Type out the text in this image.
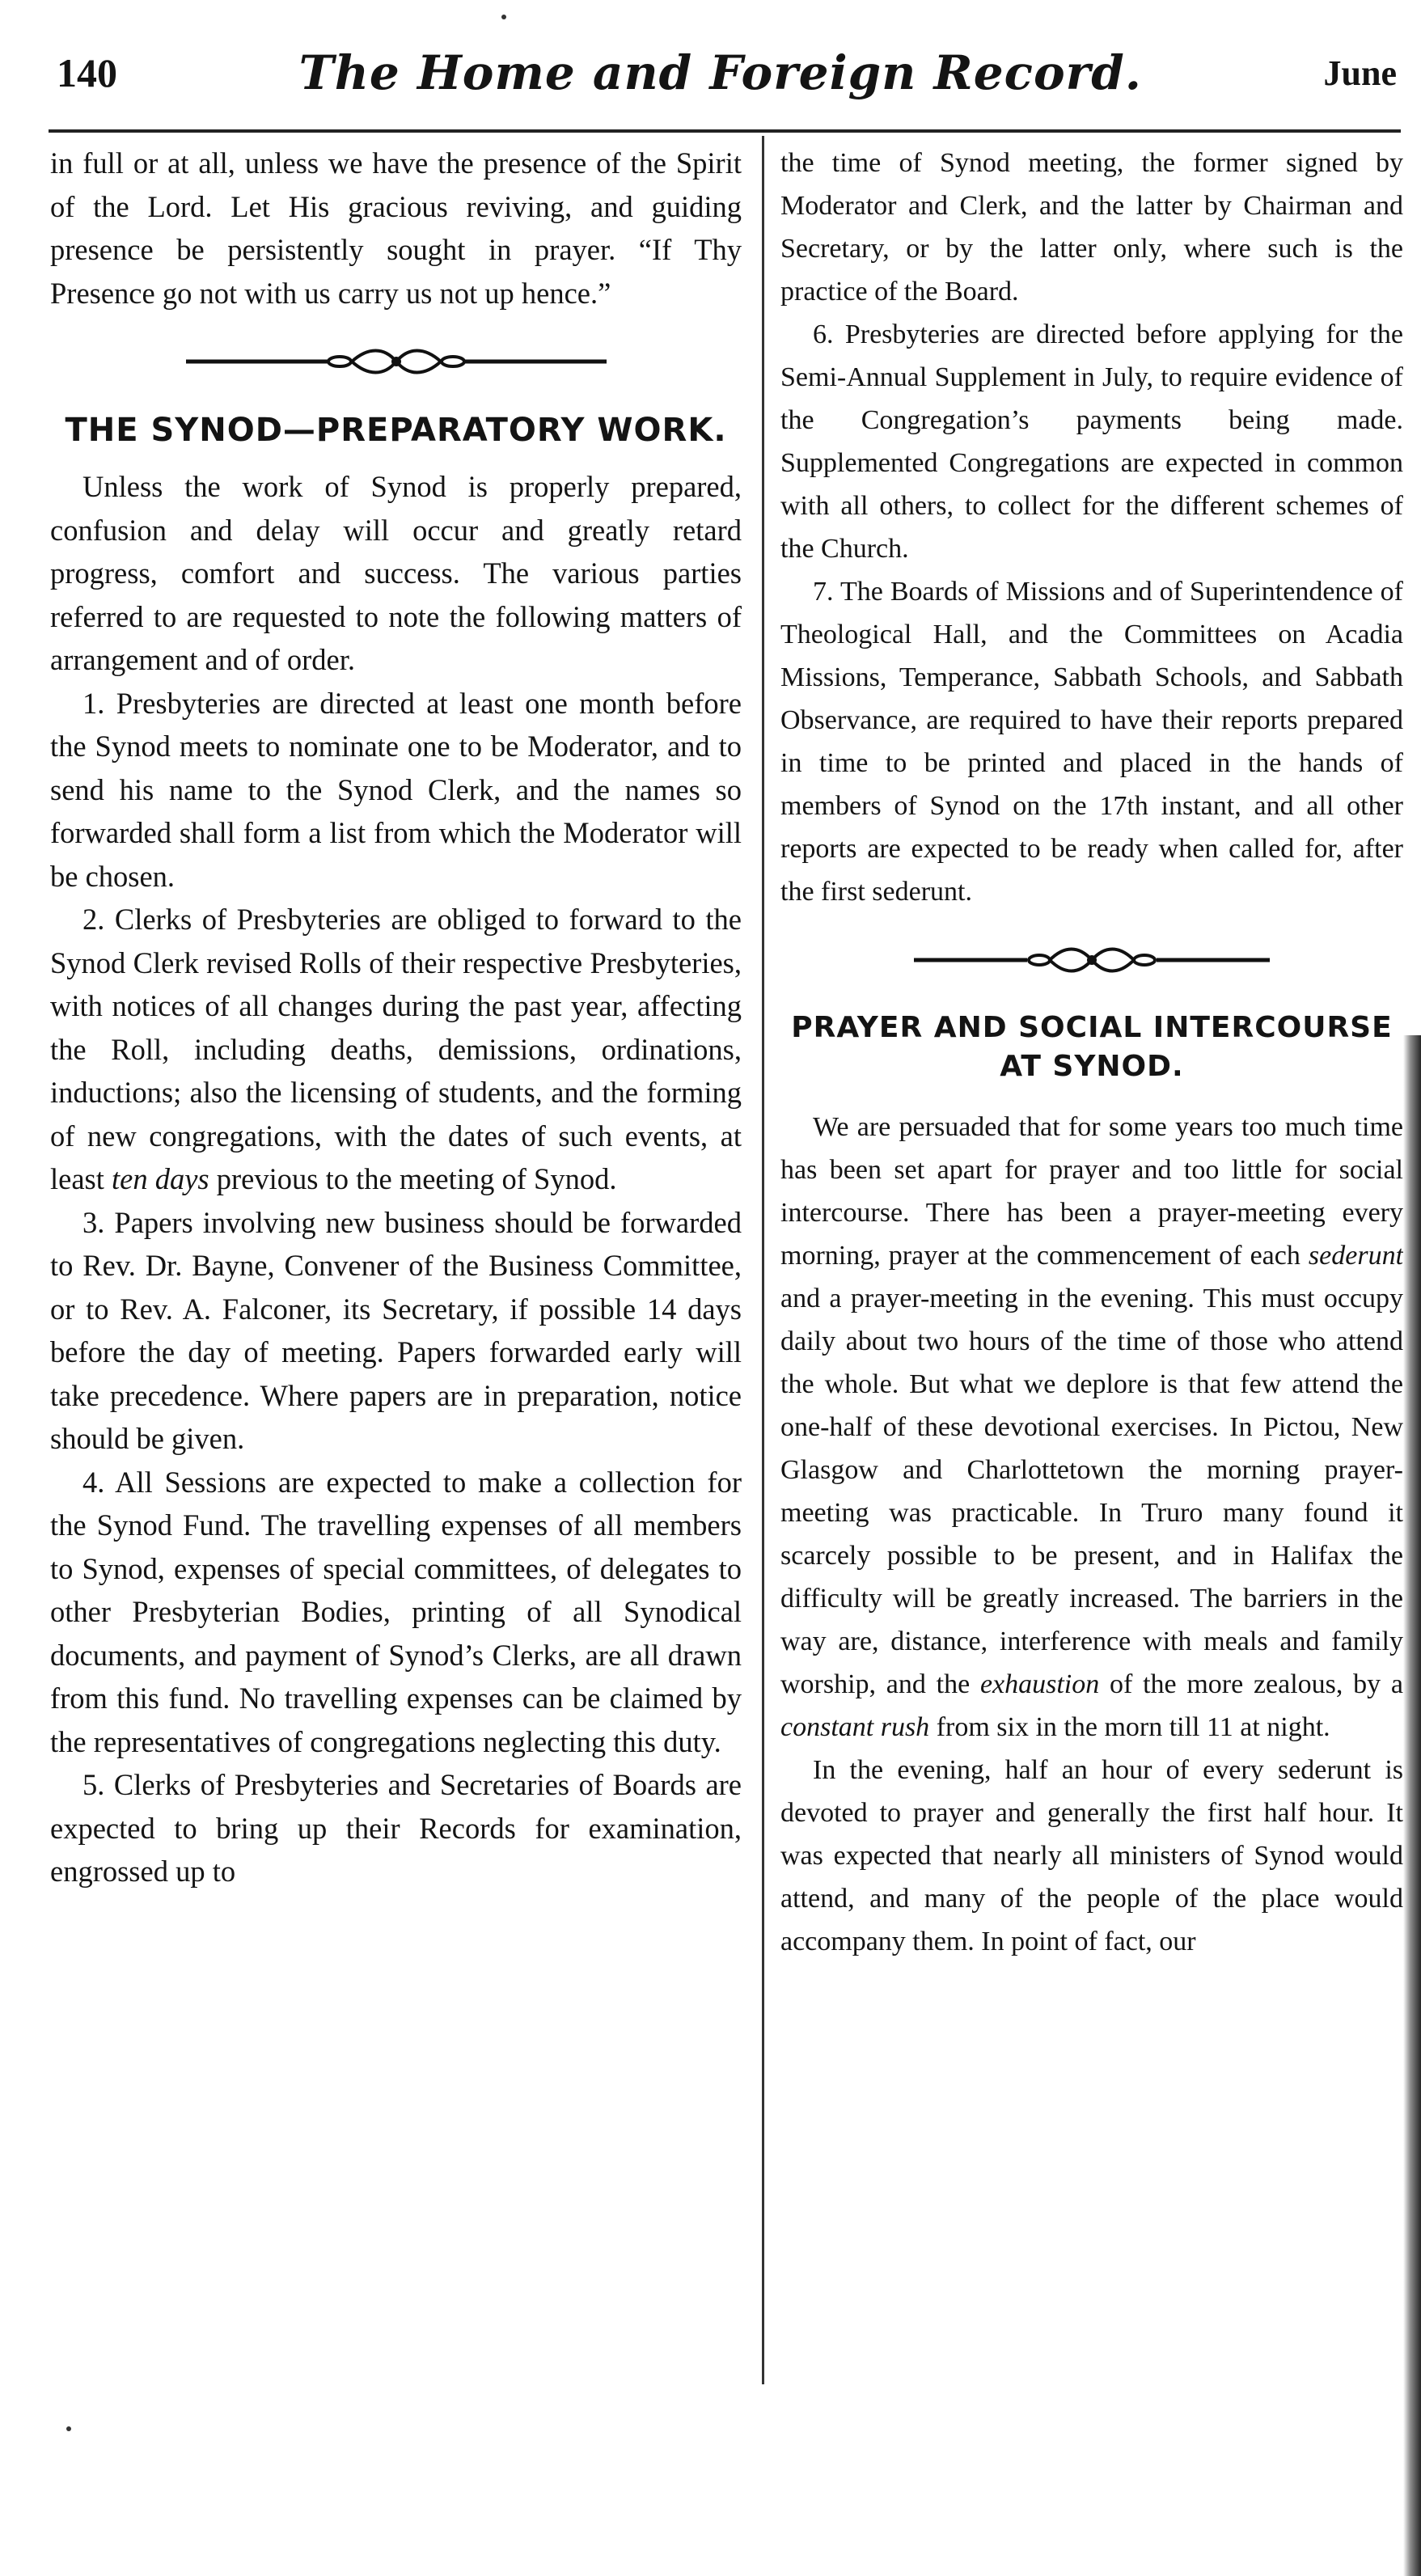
140	The Home and Foreign Record.	June

in full or at all, unless we have the presence of the Spirit of the Lord. Let His gracious reviving, and guiding presence be persistently sought in prayer. “If Thy Presence go not with us carry us not up hence.”

THE SYNOD—PREPARATORY WORK.

Unless the work of Synod is properly prepared, confusion and delay will occur and greatly retard progress, comfort and success. The various parties referred to are requested to note the following matters of arrangement and of order.

1. Presbyteries are directed at least one month before the Synod meets to nominate one to be Moderator, and to send his name to the Synod Clerk, and the names so forwarded shall form a list from which the Moderator will be chosen.

2. Clerks of Presbyteries are obliged to forward to the Synod Clerk revised Rolls of their respective Presbyteries, with notices of all changes during the past year, affecting the Roll, including deaths, demissions, ordinations, inductions; also the licensing of students, and the forming of new congregations, with the dates of such events, at least ten days previous to the meeting of Synod.

3. Papers involving new business should be forwarded to Rev. Dr. Bayne, Convener of the Business Committee, or to Rev. A. Falconer, its Secretary, if possible 14 days before the day of meeting. Papers forwarded early will take precedence. Where papers are in preparation, notice should be given.

4. All Sessions are expected to make a collection for the Synod Fund. The travelling expenses of all members to Synod, expenses of special committees, of delegates to other Presbyterian Bodies, printing of all Synodical documents, and payment of Synod’s Clerks, are all drawn from this fund. No travelling expenses can be claimed by the representatives of congregations neglecting this duty.

5. Clerks of Presbyteries and Secretaries of Boards are expected to bring up their Records for examination, engrossed up to

the time of Synod meeting, the former signed by Moderator and Clerk, and the latter by Chairman and Secretary, or by the latter only, where such is the practice of the Board.

6. Presbyteries are directed before applying for the Semi-Annual Supplement in July, to require evidence of the Congregation’s payments being made. Supplemented Congregations are expected in common with all others, to collect for the different schemes of the Church.

7. The Boards of Missions and of Superintendence of Theological Hall, and the Committees on Acadia Missions, Temperance, Sabbath Schools, and Sabbath Observance, are required to have their reports prepared in time to be printed and placed in the hands of members of Synod on the 17th instant, and all other reports are expected to be ready when called for, after the first sederunt.

PRAYER AND SOCIAL INTERCOURSE AT SYNOD.

We are persuaded that for some years too much time has been set apart for prayer and too little for social intercourse. There has been a prayer-meeting every morning, prayer at the commencement of each sederunt and a prayer-meeting in the evening. This must occupy daily about two hours of the time of those who attend the whole. But what we deplore is that few attend the one-half of these devotional exercises. In Pictou, New Glasgow and Charlottetown the morning prayer-meeting was practicable. In Truro many found it scarcely possible to be present, and in Halifax the difficulty will be greatly increased. The barriers in the way are, distance, interference with meals and family worship, and the exhaustion of the more zealous, by a constant rush from six in the morn till 11 at night.

In the evening, half an hour of every sederunt is devoted to prayer and generally the first half hour. It was expected that nearly all ministers of Synod would attend, and many of the people of the place would accompany them. In point of fact, our
